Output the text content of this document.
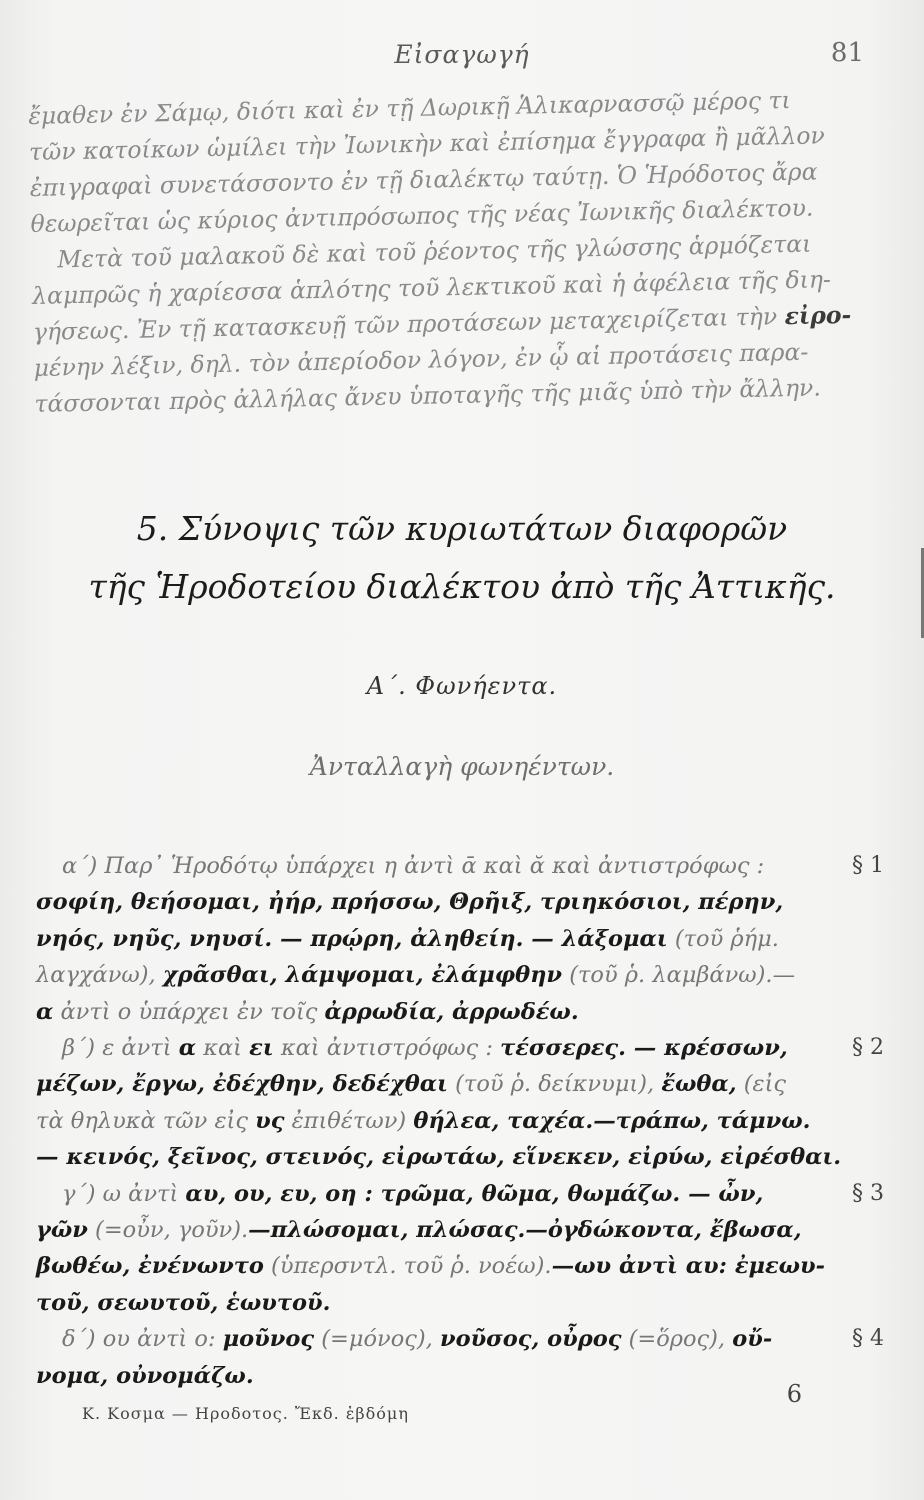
Εἰσαγωγή	81
ἔμαθεν ἐν Σάμῳ, διότι καὶ ἐν τῇ Δωρικῇ Ἁλικαρνασσῷ μέρος τι
τῶν κατοίκων ὡμίλει τὴν Ἰωνικὴν καὶ ἐπίσημα ἔγγραφα ἢ μᾶλλον
ἐπιγραφαὶ συνετάσσοντο ἐν τῇ διαλέκτῳ ταύτῃ. Ὁ Ἡρόδοτος ἄρα
θεωρεῖται ὡς κύριος ἀντιπρόσωπος τῆς νέας Ἰωνικῆς διαλέκτου.
Μετὰ τοῦ μαλακοῦ δὲ καὶ τοῦ ῥέοντος τῆς γλώσσης ἁρμόζεται
λαμπρῶς ἡ χαρίεσσα ἁπλότης τοῦ λεκτικοῦ καὶ ἡ ἀφέλεια τῆς διη-
γήσεως. Ἐν τῇ κατασκευῇ τῶν προτάσεων μεταχειρίζεται τὴν εἰρο-
μένην λέξιν, δηλ. τὸν ἀπερίοδον λόγον, ἐν ᾧ αἱ προτάσεις παρα-
τάσσονται πρὸς ἀλλήλας ἄνευ ὑποταγῆς τῆς μιᾶς ὑπὸ τὴν ἄλλην.
5. Σύνοψις τῶν κυριωτάτων διαφορῶν
τῆς Ἡροδοτείου διαλέκτου ἀπὸ τῆς Ἀττικῆς.
Α΄. Φωνήεντα.
Ἀνταλλαγὴ φωνηέντων.
α΄) Παρ᾽ Ἡροδότῳ ὑπάρχει η ἀντὶ ᾱ καὶ ᾰ καὶ ἀντιστρόφως :	§ 1
σοφίη, θεήσομαι, ἠήρ, πρήσσω, Θρῆιξ, τριηκόσιοι, πέρην,
νηός, νηῦς, νηυσί. — πρῴρη, ἀληθείη. — λάξομαι (τοῦ ῥήμ.
λαγχάνω), χρᾶσθαι, λάμψομαι, ἐλάμφθην (τοῦ ῥ. λαμβάνω).—
α ἀντὶ ο ὑπάρχει ἐν τοῖς ἀρρωδία, ἀρρωδέω.
β΄) ε ἀντὶ α καὶ ει καὶ ἀντιστρόφως : τέσσερες. — κρέσσων,	§ 2
μέζων, ἔργω, ἐδέχθην, δεδέχθαι (τοῦ ῥ. δείκνυμι), ἔωθα, (εἰς
τὰ θηλυκὰ τῶν εἰς υς ἐπιθέτων) θήλεα, ταχέα.—τράπω, τάμνω.
— κεινός, ξεῖνος, στεινός, εἰρωτάω, εἵνεκεν, εἰρύω, εἰρέσθαι.
γ΄) ω ἀντὶ αυ, ου, ευ, οη : τρῶμα, θῶμα, θωμάζω. — ὦν,	§ 3
γῶν (=οὖν, γοῦν).—πλώσομαι, πλώσας.—ὀγδώκοντα, ἔβωσα,
βωθέω, ἐνένωντο (ὑπερσντλ. τοῦ ῥ. νοέω).—ωυ ἀντὶ αυ: ἐμεωυ-
τοῦ, σεωυτοῦ, ἑωυτοῦ.
δ΄) ου ἀντὶ ο: μοῦνος (=μόνος), νοῦσος, οὖρος (=ὅρος), οὔ-	§ 4
νομα, οὐνομάζω.
6
Κ. Κοσμα — Ηροδοτος. Ἔκδ. ἑβδόμη
